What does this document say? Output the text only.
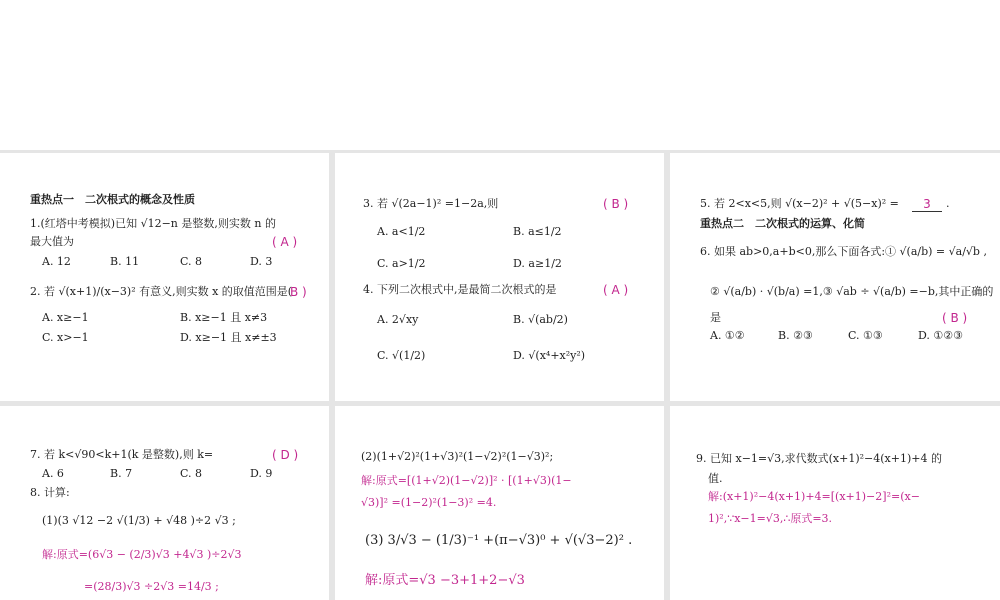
重热点一　二次根式的概念及性质
1.(红塔中考模拟)已知 √12−n 是整数,则实数 n 的
最大值为	( A )
A. 12	B. 11	C. 8	D. 3
2. 若 √(x+1)/(x−3)² 有意义,则实数 x 的取值范围是(
B )
A. x≥−1	B. x≥−1 且 x≠3
C. x>−1	D. x≥−1 且 x≠±3
3. 若 √(2a−1)² =1−2a,则	( B )
A. a<1/2	B. a≤1/2
C. a>1/2	D. a≥1/2
4. 下列二次根式中,是最简二次根式的是	( A )
A. 2√xy	B. √(ab/2)
C. √(1/2)	D. √(x⁴+x²y²)
5. 若 2<x<5,则 √(x−2)² + √(5−x)² =	3	.
重热点二　二次根式的运算、化简
6. 如果 ab>0,a+b<0,那么下面各式:① √(a/b) = √a/√b ,
② √(a/b) · √(b/a) =1,③ √ab ÷ √(a/b) =−b,其中正确的
是	( B )
A. ①②	B. ②③	C. ①③	D. ①②③
7. 若 k<√90<k+1(k 是整数),则 k=	( D )
A. 6	B. 7	C. 8	D. 9
8. 计算:
(1)(3 √12 −2 √(1/3) + √48 )÷2 √3 ;
解:原式=(6√3 − (2/3)√3 +4√3 )÷2√3
=(28/3)√3 ÷2√3 =14/3 ;
(2)(1+√2)²(1+√3)²(1−√2)²(1−√3)²;
解:原式=[(1+√2)(1−√2)]² · [(1+√3)(1−
√3)]² =(1−2)²(1−3)² =4.
(3) 3/√3 − (1/3)⁻¹ +(π−√3)⁰ + √(√3−2)² .
解:原式=√3 −3+1+2−√3
9. 已知 x−1=√3,求代数式(x+1)²−4(x+1)+4 的
值.
解:(x+1)²−4(x+1)+4=[(x+1)−2]²=(x−
1)²,∵x−1=√3,∴原式=3.
